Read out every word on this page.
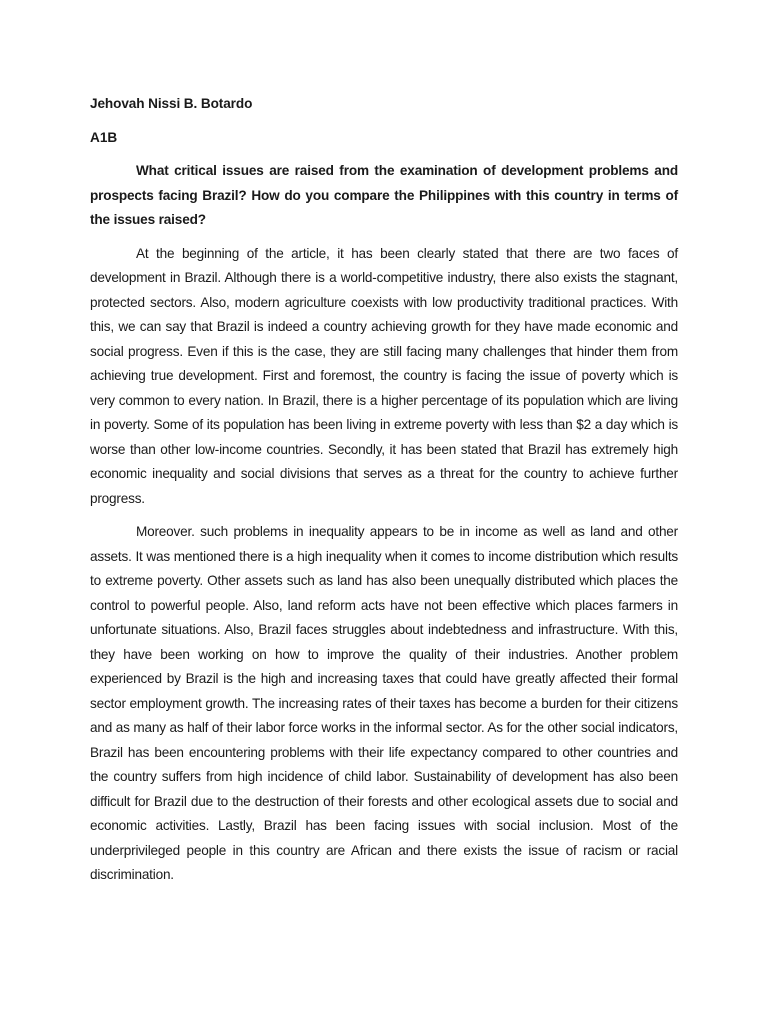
Jehovah Nissi B. Botardo

A1B

What critical issues are raised from the examination of development problems and prospects facing Brazil? How do you compare the Philippines with this country in terms of the issues raised?

At the beginning of the article, it has been clearly stated that there are two faces of development in Brazil. Although there is a world-competitive industry, there also exists the stagnant, protected sectors. Also, modern agriculture coexists with low productivity traditional practices. With this, we can say that Brazil is indeed a country achieving growth for they have made economic and social progress. Even if this is the case, they are still facing many challenges that hinder them from achieving true development. First and foremost, the country is facing the issue of poverty which is very common to every nation. In Brazil, there is a higher percentage of its population which are living in poverty. Some of its population has been living in extreme poverty with less than $2 a day which is worse than other low-income countries. Secondly, it has been stated that Brazil has extremely high economic inequality and social divisions that serves as a threat for the country to achieve further progress.

Moreover. such problems in inequality appears to be in income as well as land and other assets. It was mentioned there is a high inequality when it comes to income distribution which results to extreme poverty. Other assets such as land has also been unequally distributed which places the control to powerful people. Also, land reform acts have not been effective which places farmers in unfortunate situations. Also, Brazil faces struggles about indebtedness and infrastructure. With this, they have been working on how to improve the quality of their industries. Another problem experienced by Brazil is the high and increasing taxes that could have greatly affected their formal sector employment growth. The increasing rates of their taxes has become a burden for their citizens and as many as half of their labor force works in the informal sector. As for the other social indicators, Brazil has been encountering problems with their life expectancy compared to other countries and the country suffers from high incidence of child labor. Sustainability of development has also been difficult for Brazil due to the destruction of their forests and other ecological assets due to social and economic activities. Lastly, Brazil has been facing issues with social inclusion. Most of the underprivileged people in this country are African and there exists the issue of racism or racial discrimination.
